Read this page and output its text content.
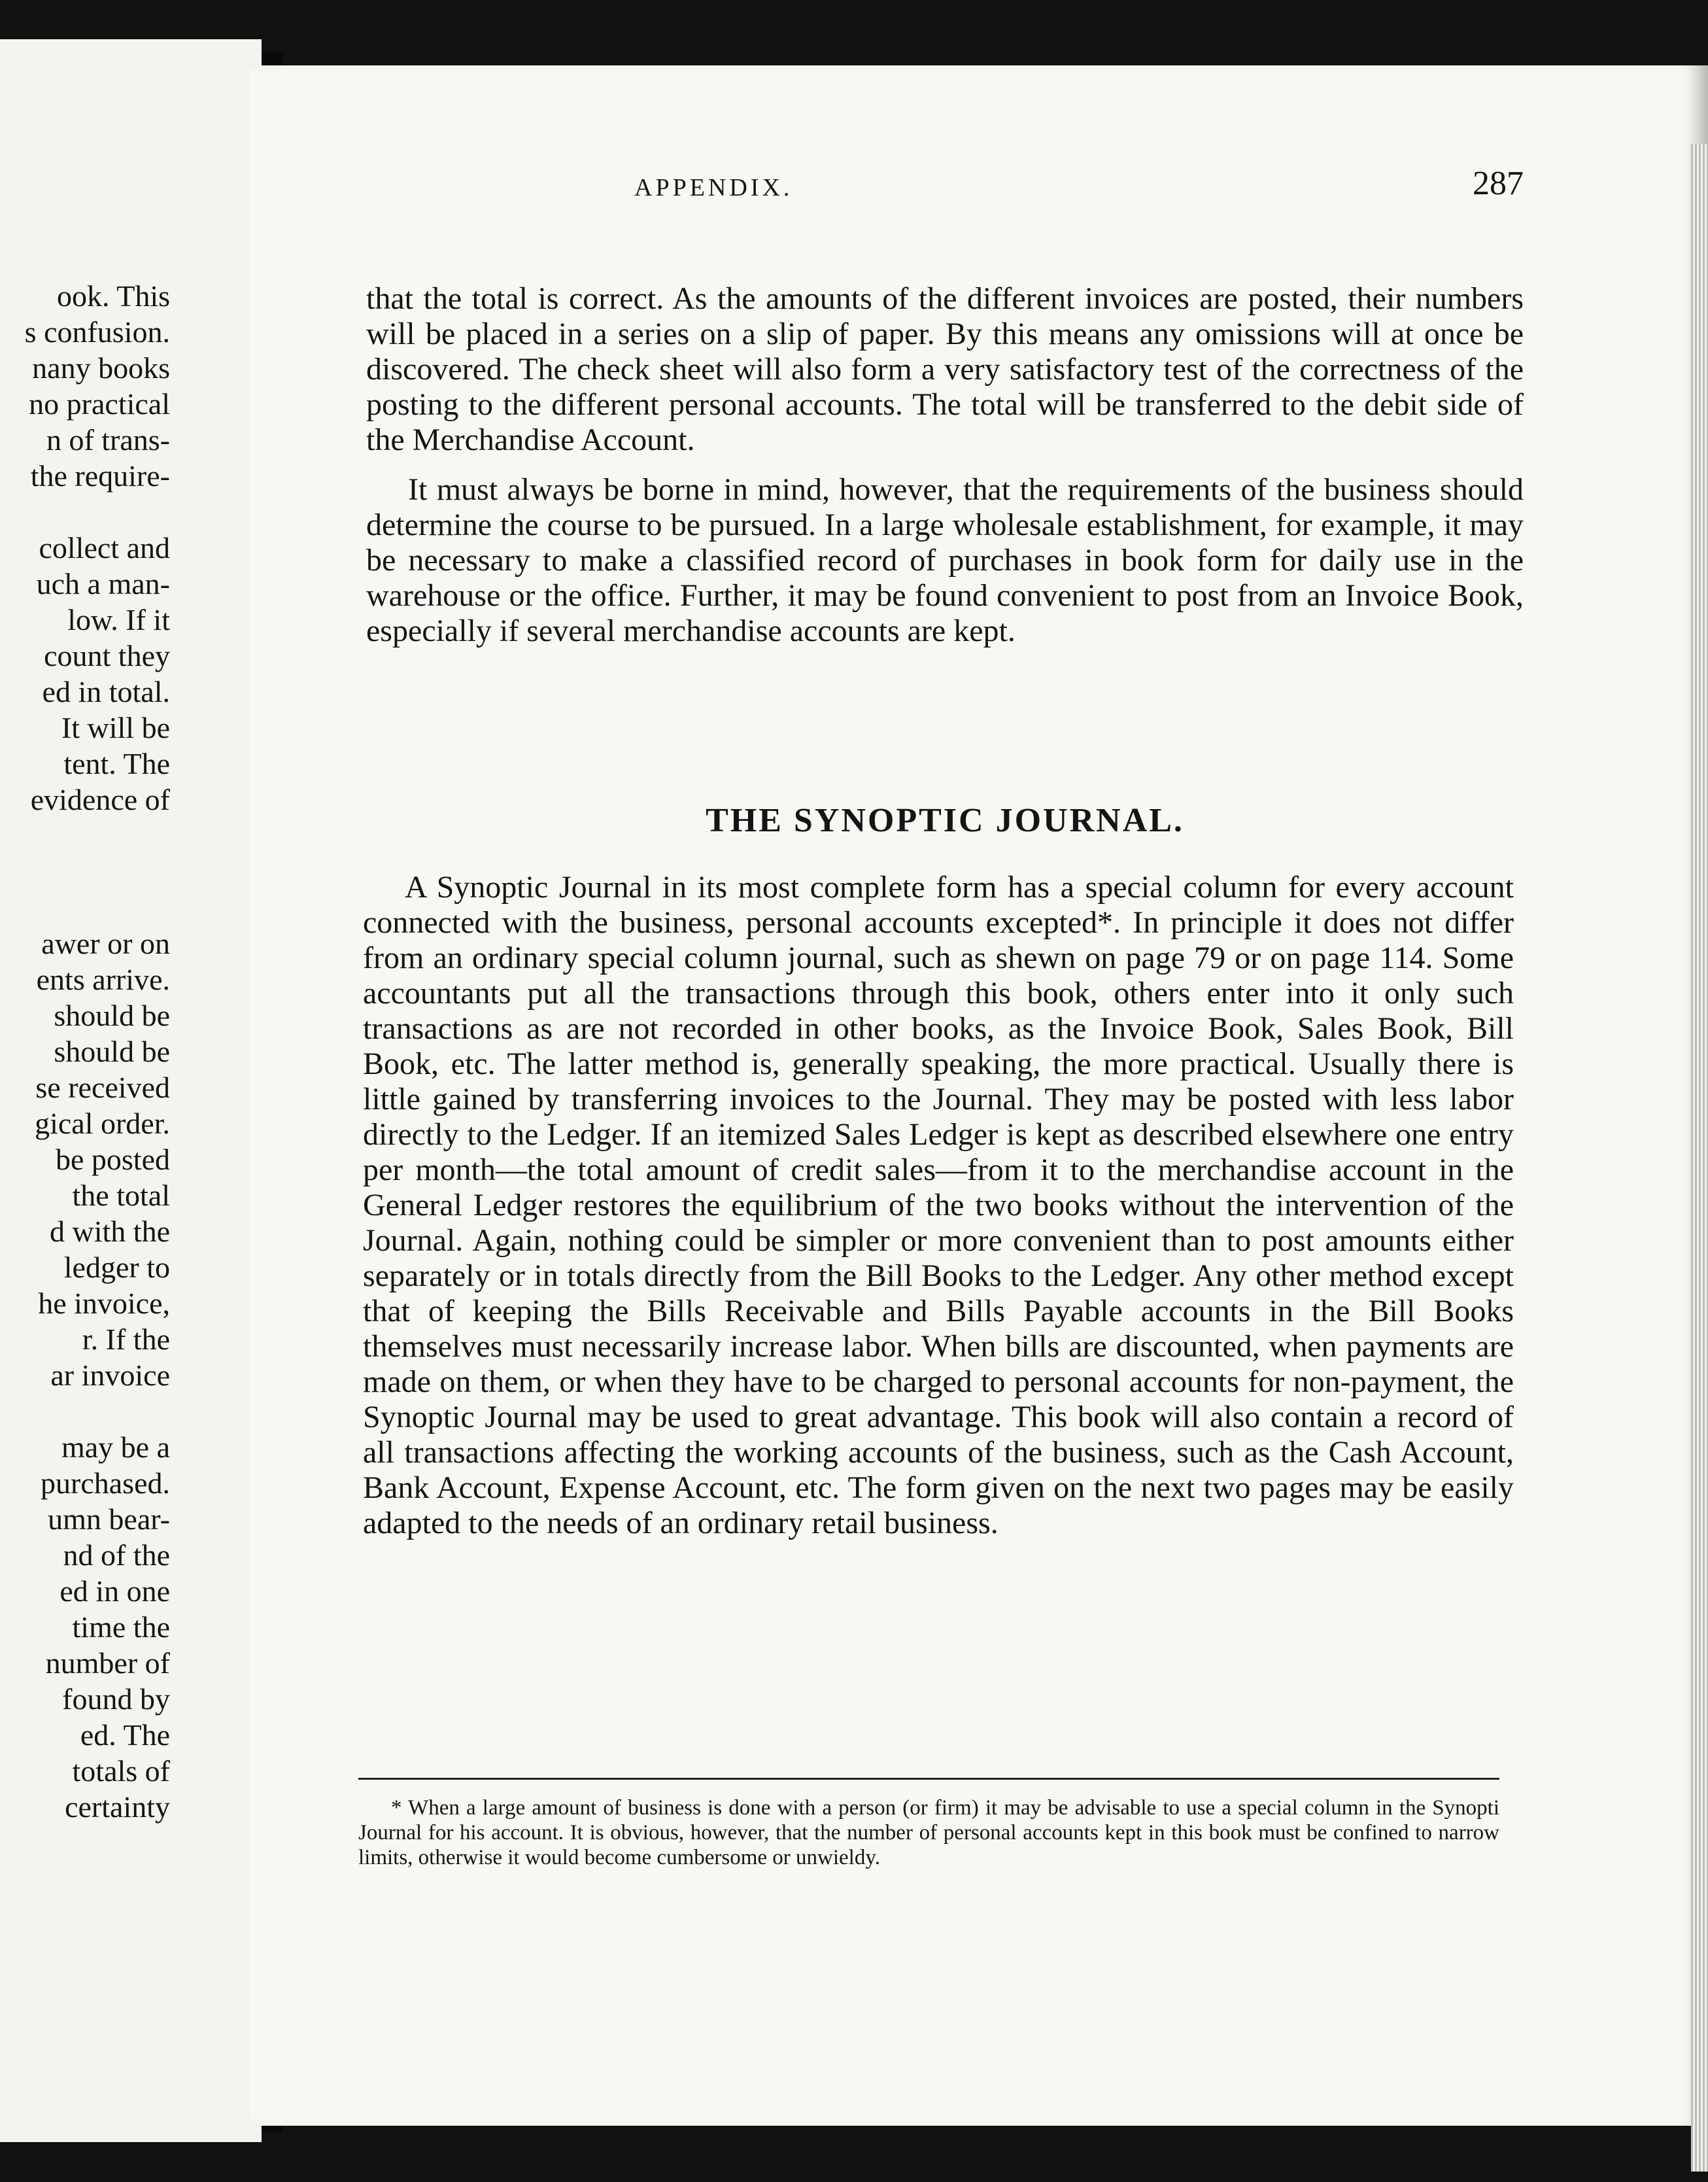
ook. This
s confusion.
nany books
no practical
n of trans-
the require-
collect and
uch a man-
low. If it
count they
ed in total.
It will be
tent. The
evidence of
awer or on
ents arrive.
should be
should be
se received
gical order.
be posted
the total
d with the
ledger to
he invoice,
r. If the
ar invoice
may be a
purchased.
umn bear-
nd of the
ed in one
time the
number of
found by
ed. The
totals of
certainty
APPENDIX.	287

that the total is correct. As the amounts of the different invoices are posted, their numbers will be placed in a series on a slip of paper. By this means any omissions will at once be discovered. The check sheet will also form a very satisfactory test of the correctness of the posting to the different personal accounts. The total will be transferred to the debit side of the Merchandise Account.

It must always be borne in mind, however, that the requirements of the business should determine the course to be pursued. In a large wholesale establishment, for example, it may be necessary to make a classified record of purchases in book form for daily use in the warehouse or the office. Further, it may be found convenient to post from an Invoice Book, especially if several merchandise accounts are kept.

THE SYNOPTIC JOURNAL.

A Synoptic Journal in its most complete form has a special column for every account connected with the business, personal accounts excepted*. In principle it does not differ from an ordinary special column journal, such as shewn on page 79 or on page 114. Some accountants put all the transactions through this book, others enter into it only such transactions as are not recorded in other books, as the Invoice Book, Sales Book, Bill Book, etc. The latter method is, generally speaking, the more practical. Usually there is little gained by transferring invoices to the Journal. They may be posted with less labor directly to the Ledger. If an itemized Sales Ledger is kept as described elsewhere one entry per month—the total amount of credit sales—from it to the merchandise account in the General Ledger restores the equilibrium of the two books without the intervention of the Journal. Again, nothing could be simpler or more convenient than to post amounts either separately or in totals directly from the Bill Books to the Ledger. Any other method except that of keeping the Bills Receivable and Bills Payable accounts in the Bill Books themselves must necessarily increase labor. When bills are discounted, when payments are made on them, or when they have to be charged to personal accounts for non-payment, the Synoptic Journal may be used to great advantage. This book will also contain a record of all transactions affecting the working accounts of the business, such as the Cash Account, Bank Account, Expense Account, etc. The form given on the next two pages may be easily adapted to the needs of an ordinary retail business.

* When a large amount of business is done with a person (or firm) it may be advisable to use a special column in the Synopti Journal for his account. It is obvious, however, that the number of personal accounts kept in this book must be confined to narrow limits, otherwise it would become cumbersome or unwieldy.
